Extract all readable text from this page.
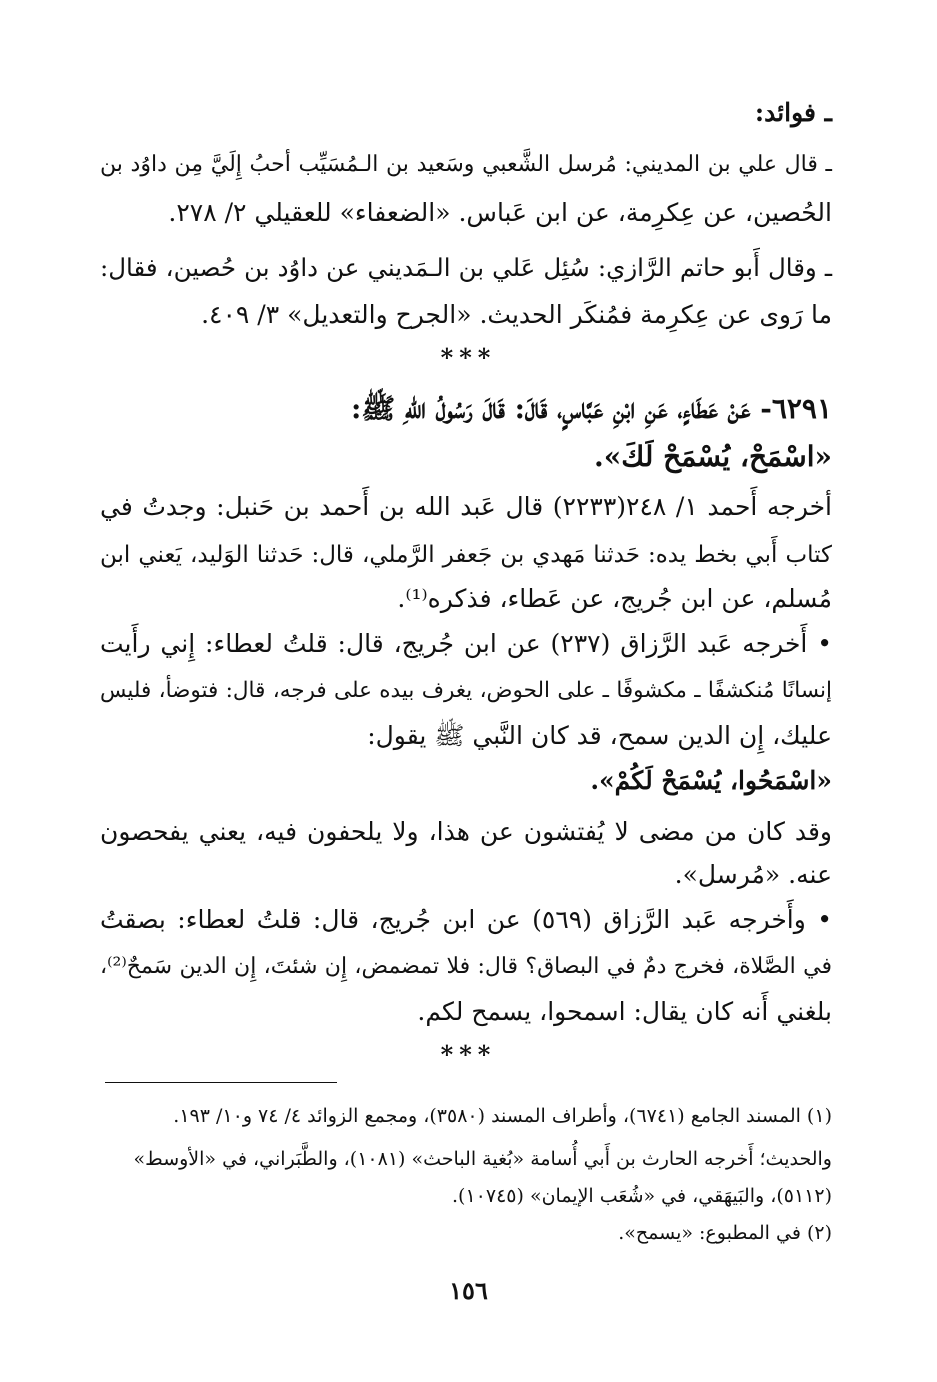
ـ فوائد:
ـ قال علي بن المديني: مُرسل الشَّعبي وسَعيد بن الـمُسَيِّب أحبُ إِلَيَّ مِن داوُد بن
الحُصين، عن عِكرِمة، عن ابن عَباس. «الضعفاء» للعقيلي ٢/ ٢٧٨.
ـ وقال أَبو حاتم الرَّازي: سُئِل عَلي بن الـمَديني عن داوُد بن حُصين، فقال:
ما رَوى عن عِكرِمة فمُنكَر الحديث. «الجرح والتعديل» ٣/ ٤٠٩.
***
٦٢٩١- عَنْ عَطَاءٍ، عَنِ ابْنِ عَبَّاسٍ، قَالَ: قَالَ رَسُولُ اللهِ ﷺ:
«اسْمَحْ، يُسْمَحْ لَكَ».
أخرجه أَحمد ١/ ٢٤٨(٢٢٣٣) قال عَبد الله بن أَحمد بن حَنبل: وجدتُ في
كتاب أَبي بخط يده: حَدثنا مَهدي بن جَعفر الرَّملي، قال: حَدثنا الوَليد، يَعني ابن
مُسلم، عن ابن جُريج، عن عَطاء، فذكره⁽¹⁾.
• أَخرجه عَبد الرَّزاق (٢٣٧) عن ابن جُريج، قال: قلتُ لعطاء: إِني رأَيت
إنسانًا مُنكشفًا ـ مكشوفًا ـ على الحوض، يغرف بيده على فرجه، قال: فتوضأ، فليس
عليك، إِن الدين سمح، قد كان النَّبي ﷺ يقول:
«اسْمَحُوا، يُسْمَحْ لَكُمْ».
وقد كان من مضى لا يُفتشون عن هذا، ولا يلحفون فيه، يعني يفحصون
عنه. «مُرسل».
• وأَخرجه عَبد الرَّزاق (٥٦٩) عن ابن جُريج، قال: قلتُ لعطاء: بصقتُ
في الصَّلاة، فخرج دمٌ في البصاق؟ قال: فلا تمضمض، إِن شئتَ، إِن الدين سَمحٌ⁽²⁾،
بلغني أَنه كان يقال: اسمحوا، يسمح لكم.
***
(١) المسند الجامع (٦٧٤١)، وأطراف المسند (٣٥٨٠)، ومجمع الزوائد ٤/ ٧٤ و١٠/ ١٩٣.
والحديث؛ أَخرجه الحارث بن أَبي أُسامة «بُغية الباحث» (١٠٨١)، والطَّبَراني، في «الأوسط»
(٥١١٢)، والبَيهَقي، في «شُعَب الإيمان» (١٠٧٤٥).
(٢) في المطبوع: «يسمح».
١٥٦
